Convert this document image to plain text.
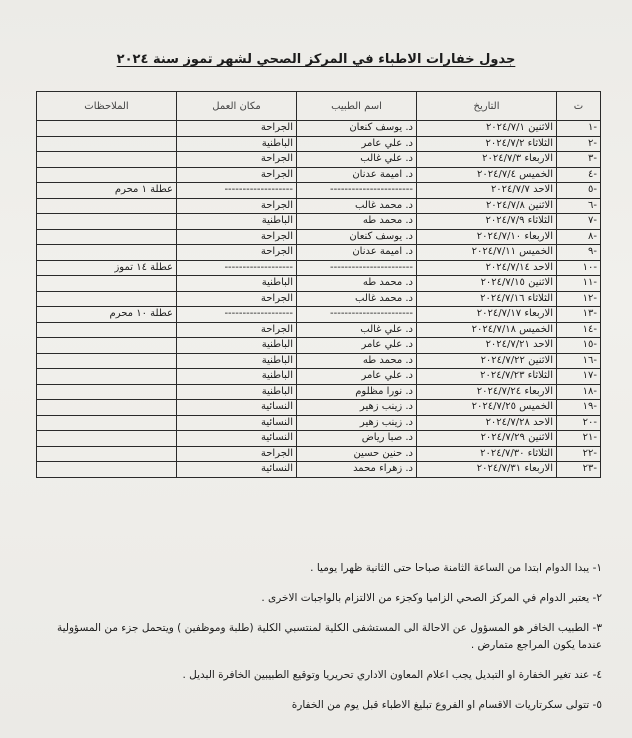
جدول خفارات الاطباء في المركز الصحي لشهر تموز سنة ٢٠٢٤
ت	التاريخ	اسم الطبيب	مكان العمل	الملاحظات
-١	الاثنين ٢٠٢٤/٧/١	د. يوسف كنعان	الجراحة	
-٢	الثلاثاء ٢٠٢٤/٧/٢	د. علي عامر	الباطنية	
-٣	الاربعاء ٢٠٢٤/٧/٣	د. علي غالب	الجراحة	
-٤	الخميس ٢٠٢٤/٧/٤	د. اميمة عدنان	الجراحة	
-٥	الاحد ٢٠٢٤/٧/٧	-----------------------	-------------------	عطلة ١ محرم
-٦	الاثنين ٢٠٢٤/٧/٨	د. محمد غالب	الجراحة	
-٧	الثلاثاء ٢٠٢٤/٧/٩	د. محمد طه	الباطنية	
-٨	الاربعاء ٢٠٢٤/٧/١٠	د. يوسف كنعان	الجراحة	
-٩	الخميس ٢٠٢٤/٧/١١	د. اميمة عدنان	الجراحة	
-١٠	الاحد ٢٠٢٤/٧/١٤	-----------------------	-------------------	عطلة ١٤ تموز
-١١	الاثنين ٢٠٢٤/٧/١٥	د. محمد طه	الباطنية	
-١٢	الثلاثاء ٢٠٢٤/٧/١٦	د. محمد غالب	الجراحة	
-١٣	الاربعاء ٢٠٢٤/٧/١٧	-----------------------	-------------------	عطلة ١٠ محرم
-١٤	الخميس ٢٠٢٤/٧/١٨	د. علي غالب	الجراحة	
-١٥	الاحد ٢٠٢٤/٧/٢١	د. علي عامر	الباطنية	
-١٦	الاثنين ٢٠٢٤/٧/٢٢	د. محمد طه	الباطنية	
-١٧	الثلاثاء ٢٠٢٤/٧/٢٣	د. علي عامر	الباطنية	
-١٨	الاربعاء ٢٠٢٤/٧/٢٤	د. نورا مظلوم	الباطنية	
-١٩	الخميس ٢٠٢٤/٧/٢٥	د. زينب زهير	النسائية	
-٢٠	الاحد ٢٠٢٤/٧/٢٨	د. زينب زهير	النسائية	
-٢١	الاثنين ٢٠٢٤/٧/٢٩	د. صبا رياض	النسائية	
-٢٢	الثلاثاء ٢٠٢٤/٧/٣٠	د. حنين حسين	الجراحة	
-٢٣	الاربعاء ٢٠٢٤/٧/٣١	د. زهراء محمد	النسائية	

١- يبدا الدوام ابتدا من الساعة الثامنة صباحا حتى الثانية ظهرا يوميا .

٢- يعتبر الدوام في المركز الصحي الزاميا وكجزء من الالتزام بالواجبات الاخرى .

٣- الطبيب الخافر هو المسؤول عن الاحالة الى المستشفى الكلية لمنتسبي الكلية (طلبة وموظفين ) ويتحمل جزء من المسؤولية عندما يكون المراجع متمارض .

٤- عند تغير الخفارة او التبديل يجب اعلام المعاون الاداري تحريريا وتوقيع الطبيبين الخافرة البديل .

٥- تتولى سكرتاريات الاقسام او الفروع تبليغ الاطباء قبل يوم من الخفارة
